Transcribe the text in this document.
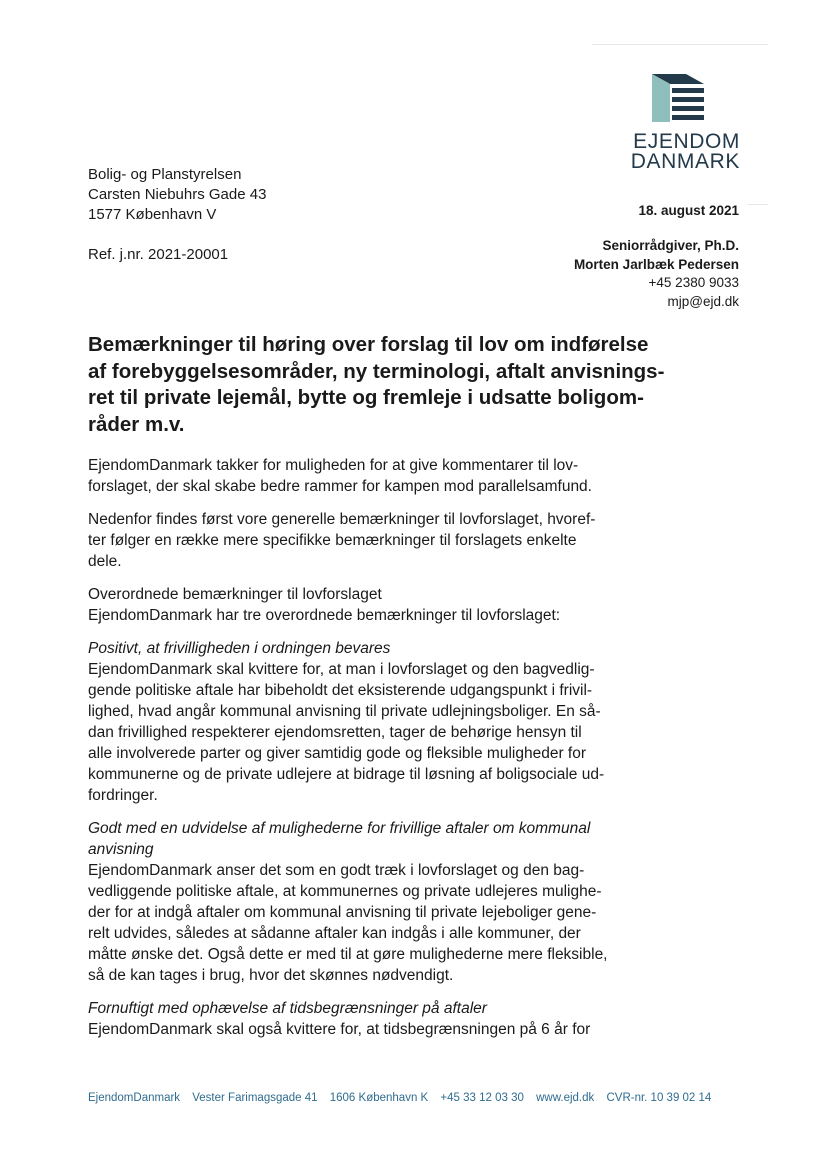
EJENDOM
DANMARK
Bolig- og Planstyrelsen
Carsten Niebuhrs Gade 43
1577 København V
Ref. j.nr. 2021-20001
18. august 2021
Seniorrådgiver, Ph.D.
Morten Jarlbæk Pedersen
+45 2380 9033
mjp@ejd.dk
Bemærkninger til høring over forslag til lov om indførelse
af forebyggelsesområder, ny terminologi, aftalt anvisnings-
ret til private lejemål, bytte og fremleje i udsatte boligom-
råder m.v.
EjendomDanmark takker for muligheden for at give kommentarer til lov-
forslaget, der skal skabe bedre rammer for kampen mod parallelsamfund.
Nedenfor findes først vore generelle bemærkninger til lovforslaget, hvoref-
ter følger en række mere specifikke bemærkninger til forslagets enkelte
dele.
Overordnede bemærkninger til lovforslaget
EjendomDanmark har tre overordnede bemærkninger til lovforslaget:
Positivt, at frivilligheden i ordningen bevares
EjendomDanmark skal kvittere for, at man i lovforslaget og den bagvedlig-
gende politiske aftale har bibeholdt det eksisterende udgangspunkt i frivil-
lighed, hvad angår kommunal anvisning til private udlejningsboliger. En så-
dan frivillighed respekterer ejendomsretten, tager de behørige hensyn til
alle involverede parter og giver samtidig gode og fleksible muligheder for
kommunerne og de private udlejere at bidrage til løsning af boligsociale ud-
fordringer.
Godt med en udvidelse af mulighederne for frivillige aftaler om kommunal
anvisning
EjendomDanmark anser det som en godt træk i lovforslaget og den bag-
vedliggende politiske aftale, at kommunernes og private udlejeres mulighe-
der for at indgå aftaler om kommunal anvisning til private lejeboliger gene-
relt udvides, således at sådanne aftaler kan indgås i alle kommuner, der
måtte ønske det. Også dette er med til at gøre mulighederne mere fleksible,
så de kan tages i brug, hvor det skønnes nødvendigt.
Fornuftigt med ophævelse af tidsbegrænsninger på aftaler
EjendomDanmark skal også kvittere for, at tidsbegrænsningen på 6 år for
EjendomDanmark Vester Farimagsgade 41 1606 København K +45 33 12 03 30 www.ejd.dk CVR-nr. 10 39 02 14
